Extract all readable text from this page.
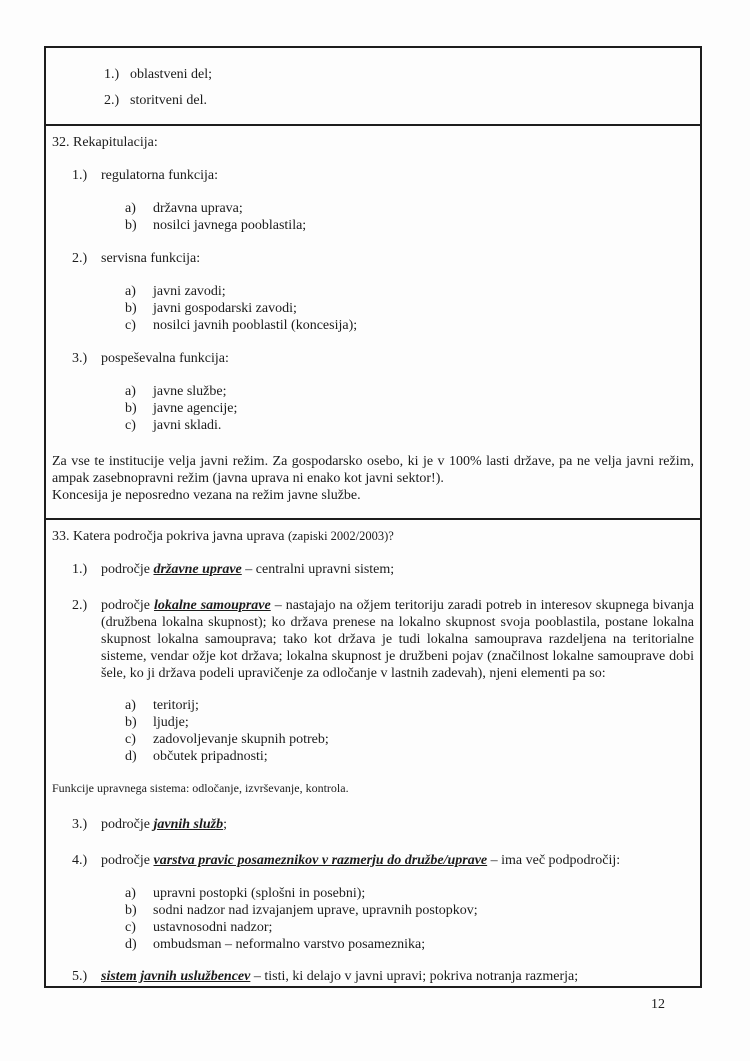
1.) oblastveni del;
2.) storitveni del.
32. Rekapitulacija:
1.) regulatorna funkcija:
a)	državna uprava;
b)	nosilci javnega pooblastila;
2.) servisna funkcija:
a)	javni zavodi;
b)	javni gospodarski zavodi;
c)	nosilci javnih pooblastil (koncesija);
3.) pospeševalna funkcija:
a)	javne službe;
b)	javne agencije;
c)	javni skladi.
Za vse te institucije velja javni režim. Za gospodarsko osebo, ki je v 100% lasti države, pa ne velja javni režim, ampak zasebnopravni režim (javna uprava ni enako kot javni sektor!).
Koncesija je neposredno vezana na režim javne službe.
33. Katera področja pokriva javna uprava (zapiski 2002/2003)?
1.) področje državne uprave – centralni upravni sistem;
2.) področje lokalne samouprave – nastajajo na ožjem teritoriju zaradi potreb in interesov skupnega bivanja (družbena lokalna skupnost); ko država prenese na lokalno skupnost svoja pooblastila, postane lokalna skupnost lokalna samouprava; tako kot država je tudi lokalna samouprava razdeljena na teritorialne sisteme, vendar ožje kot država; lokalna skupnost je družbeni pojav (značilnost lokalne samouprave dobi šele, ko ji država podeli upravičenje za odločanje v lastnih zadevah), njeni elementi pa so:
a)	teritorij;
b)	ljudje;
c)	zadovoljevanje skupnih potreb;
d)	občutek pripadnosti;
Funkcije upravnega sistema: odločanje, izvrševanje, kontrola.
3.) področje javnih služb;
4.) področje varstva pravic posameznikov v razmerju do družbe/uprave – ima več podpodročij:
a)	upravni postopki (splošni in posebni);
b)	sodni nadzor nad izvajanjem uprave, upravnih postopkov;
c)	ustavnosodni nadzor;
d)	ombudsman – neformalno varstvo posameznika;
5.) sistem javnih uslužbencev – tisti, ki delajo v javni upravi; pokriva notranja razmerja;
12
